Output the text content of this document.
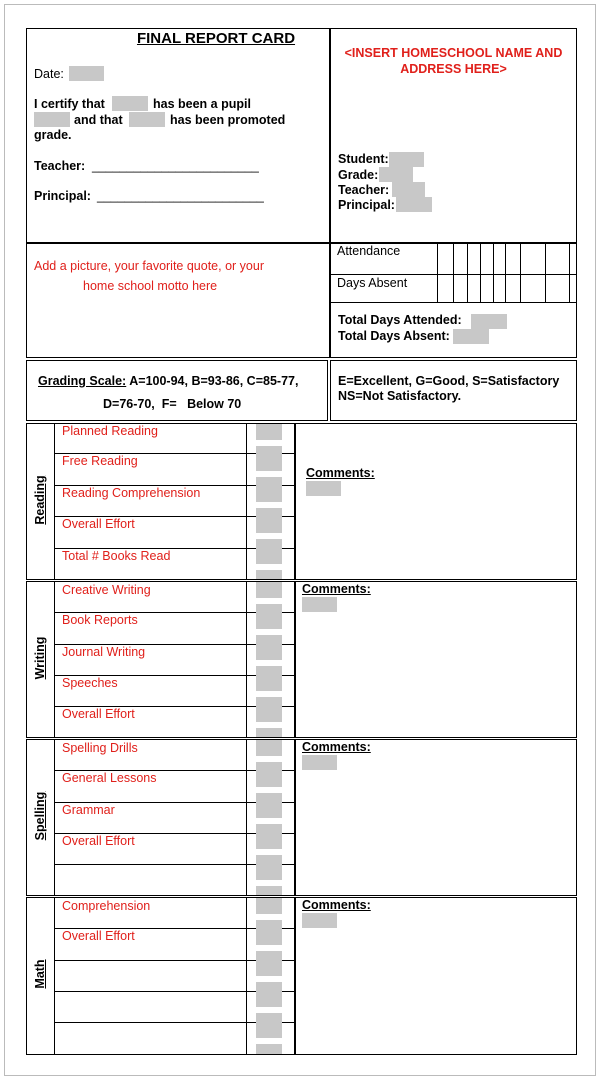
FINAL REPORT CARD
Date:
I certify that	has been a pupil
and that	has been promoted
grade.
Teacher: ________________________
Principal: ________________________
<INSERT HOMESCHOOL NAME AND
ADDRESS HERE>
Student:
Grade:
Teacher:
Principal:
Add a picture, your favorite quote, or your
home school motto here
Attendance
Days Absent
Total Days Attended:
Total Days Absent:
Grading Scale: A=100-94, B=93-86, C=85-77,
D=76-70,  F=   Below 70
E=Excellent, G=Good, S=Satisfactory
NS=Not Satisfactory.
Reading
Planned Reading
Free Reading
Reading Comprehension
Overall Effort
Total # Books Read
Comments:
Writing
Creative Writing
Book Reports
Journal Writing
Speeches
Overall Effort
Comments:
Spelling
Spelling Drills
General Lessons
Grammar
Overall Effort
Comments:
Math
Comprehension
Overall Effort
Comments:
